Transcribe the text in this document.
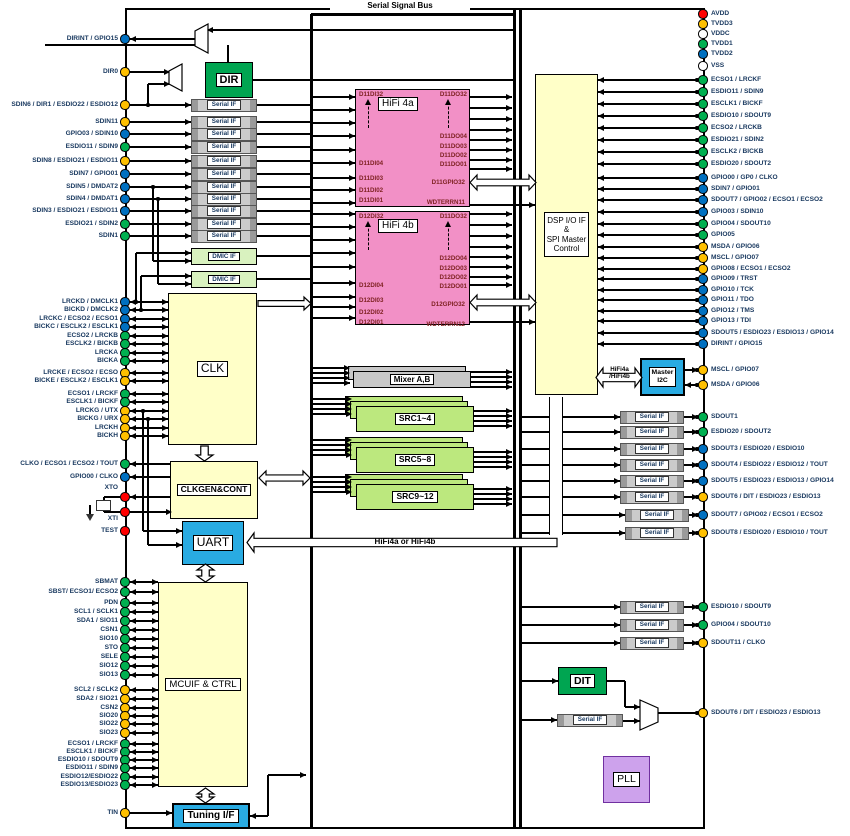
Serial Signal Bus
DIR
DMIC IF
DMIC IF
CLK
CLKGEN&CONT
UART
MCUIF & CTRL
Tuning I/F
HiFi 4a
HiFi 4b
Mixer A,B
SRC1~4
SRC5~8
SRC9~12
DSP I/O IF
&
SPI Master
Control
Master
I2C
DIT
PLL
HiFi4a or HiFi4b
HiFi4a
/HiFi4b
DIRINT / GPIO15
DIR0
SDIN6 / DIR1 / ESDIO22 / ESDIO12
SDIN11
GPIO03 / SDIN10
ESDIO11 / SDIN9
SDIN8 / ESDIO21 / ESDIO11
SDIN7 / GPIO01
SDIN5 / DMDAT2
SDIN4 / DMDAT1
SDIN3 / ESDIO21 / ESDIO11
ESDIO21 / SDIN2
SDIN1
LRCKD / DMCLK1
BICKD / DMCLK2
LRCKC / ECSO2 / ECSO1
BICKC / ESCLK2 / ESCLK1
ECSO2 / LRCKB
ESCLK2 / BICKB
LRCKA
BICKA
LRCKE / ECSO2 / ECSO
BICKE / ESCLK2 / ESCLK1
ECSO1 / LRCKF
ESCLK1 / BICKF
LRCKG / UTX
BICKG / URX
LRCKH
BICKH
CLKO / ECSO1 / ECSO2 / TOUT
GPIO00 / CLKO
XTO
XTI
TEST
SBMAT
SBST/ ECSO1/ ECSO2
PDN
SCL1 / SCLK1
SDA1 / SIO11
CSN1
SIO10
STO
SELE
SIO12
SIO13
SCL2 / SCLK2
SDA2 / SIO21
CSN2
SIO20
SIO22
SIO23
ECSO1 / LRCKF
ESCLK1 / BICKF
ESDIO10 / SDOUT9
ESDIO11 / SDIN9
ESDIO12/ESDIO22
ESDIO13/ESDIO23
TIN
AVDD
TVDD3
VDDC
TVDD1
TVDD2
VSS
ECSO1 / LRCKF
ESDIO11 / SDIN9
ESCLK1 / BICKF
ESDIO10 / SDOUT9
ECSO2 / LRCKB
ESDIO21 / SDIN2
ESCLK2 / BICKB
ESDIO20 / SDOUT2
GPIO00 / GP0 / CLKO
SDIN7 / GPIO01
SDOUT7 / GPIO02 / ECSO1 / ECSO2
GPIO03 / SDIN10
GPIO04 / SDOUT10
GPIO05
MSDA / GPIO06
MSCL / GPIO07
GPIO08 / ECSO1 / ECSO2
GPIO09 / TRST
GPIO10 / TCK
GPIO11 / TDO
GPIO12 / TMS
GPIO13 / TDI
SDOUT5 / ESDIO23 / ESDIO13 / GPIO14
DIRINT / GPIO15
MSCL / GPIO07
MSDA / GPIO06
SDOUT1
Serial IF
ESDIO20 / SDOUT2
Serial IF
SDOUT3 / ESDIO20 / ESDIO10
Serial IF
SDOUT4 / ESDIO22 / ESDIO12 / TOUT
Serial IF
SDOUT5 / ESDIO23 / ESDIO13 / GPIO14
Serial IF
SDOUT6 / DIT / ESDIO23 / ESDIO13
Serial IF
SDOUT7 / GPIO02 / ECSO1 / ECSO2
Serial IF
SDOUT8 / ESDIO20 / ESDIO10 / TOUT
Serial IF
ESDIO10 / SDOUT9
Serial IF
GPIO04 / SDOUT10
Serial IF
SDOUT11 / CLKO
Serial IF
SDOUT6 / DIT / ESDIO23 / ESDIO13
Serial IF
Serial IF
Serial IF
Serial IF
Serial IF
Serial IF
Serial IF
Serial IF
Serial IF
Serial IF
Serial IF
Serial IF
D11DI32	D11DO32
D11DI04
D11DI03
D11DI02
D11DI01
D11DO04
D11DO03
D11DO02
D11DO01
D11GPIO32
WDTERRN11
D12DI32	D11DO32
D12DI04
D12DI03
D12DI02
D12DI01
D12DO04
D12DO03
D12DO02
D12DO01
D12GPIO32
WDTERRN12
